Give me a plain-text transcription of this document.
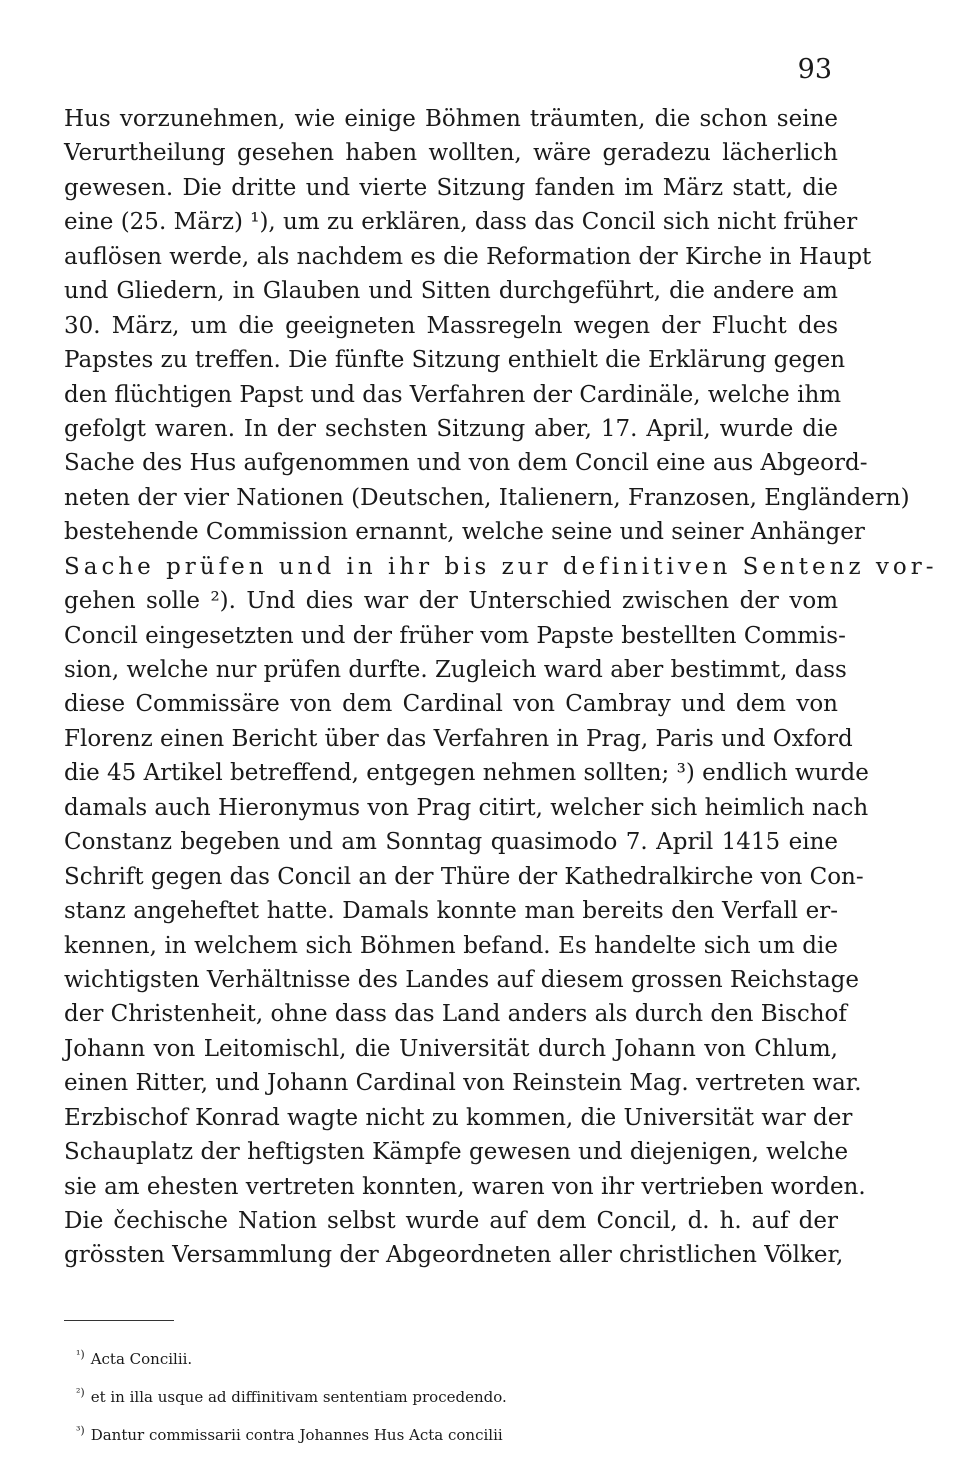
93
Hus vorzunehmen, wie einige Böhmen träumten, die schon seine
Verurtheilung gesehen haben wollten, wäre geradezu lächerlich
gewesen. Die dritte und vierte Sitzung fanden im März statt, die
eine (25. März) ¹), um zu erklären, dass das Concil sich nicht früher
auflösen werde, als nachdem es die Reformation der Kirche in Haupt
und Gliedern, in Glauben und Sitten durchgeführt, die andere am
30. März, um die geeigneten Massregeln wegen der Flucht des
Papstes zu treffen. Die fünfte Sitzung enthielt die Erklärung gegen
den flüchtigen Papst und das Verfahren der Cardinäle, welche ihm
gefolgt waren. In der sechsten Sitzung aber, 17. April, wurde die
Sache des Hus aufgenommen und von dem Concil eine aus Abgeord-
neten der vier Nationen (Deutschen, Italienern, Franzosen, Engländern)
bestehende Commission ernannt, welche seine und seiner Anhänger
Sache prüfen und in ihr bis zur definitiven Sentenz vor-
gehen solle ²). Und dies war der Unterschied zwischen der vom
Concil eingesetzten und der früher vom Papste bestellten Commis-
sion, welche nur prüfen durfte. Zugleich ward aber bestimmt, dass
diese Commissäre von dem Cardinal von Cambray und dem von
Florenz einen Bericht über das Verfahren in Prag, Paris und Oxford
die 45 Artikel betreffend, entgegen nehmen sollten; ³) endlich wurde
damals auch Hieronymus von Prag citirt, welcher sich heimlich nach
Constanz begeben und am Sonntag quasimodo 7. April 1415 eine
Schrift gegen das Concil an der Thüre der Kathedralkirche von Con-
stanz angeheftet hatte. Damals konnte man bereits den Verfall er-
kennen, in welchem sich Böhmen befand. Es handelte sich um die
wichtigsten Verhältnisse des Landes auf diesem grossen Reichstage
der Christenheit, ohne dass das Land anders als durch den Bischof
Johann von Leitomischl, die Universität durch Johann von Chlum,
einen Ritter, und Johann Cardinal von Reinstein Mag. vertreten war.
Erzbischof Konrad wagte nicht zu kommen, die Universität war der
Schauplatz der heftigsten Kämpfe gewesen und diejenigen, welche
sie am ehesten vertreten konnten, waren von ihr vertrieben worden.
Die čechische Nation selbst wurde auf dem Concil, d. h. auf der
grössten Versammlung der Abgeordneten aller christlichen Völker,
$^{^1)}$ Acta Concilii.
$^{^2)}$ et in illa usque ad diffinitivam sententiam procedendo.
$^{^3)}$ Dantur commissarii contra Johannes Hus Acta concilii
